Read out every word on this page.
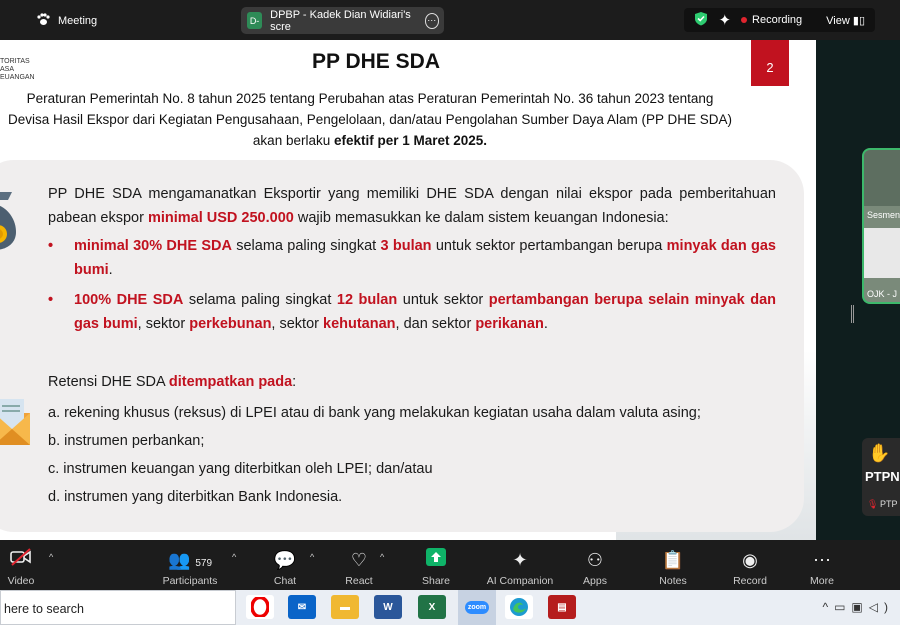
Meeting	D- DPBP - Kadek Dian Widiari's scre
···	✦	Recording View ▮▯
TORITAS ASA EUANGAN
2
PP DHE SDA
Peraturan Pemerintah No. 8 tahun 2025 tentang Perubahan atas Peraturan Pemerintah No. 36 tahun 2023 tentang
Devisa Hasil Ekspor dari Kegiatan Pengusahaan, Pengelolaan, dan/atau Pengolahan Sumber Daya Alam (PP DHE SDA)
akan berlaku efektif per 1 Maret 2025.
PP DHE SDA mengamanatkan Eksportir yang memiliki DHE SDA dengan nilai ekspor pada pemberitahuan pabean ekspor minimal USD 250.000 wajib memasukkan ke dalam sistem keuangan Indonesia:
• minimal 30% DHE SDA selama paling singkat 3 bulan untuk sektor pertambangan berupa minyak dan gas bumi.
• 100% DHE SDA selama paling singkat 12 bulan untuk sektor pertambangan berupa selain minyak dan gas bumi, sektor perkebunan, sektor kehutanan, dan sektor perikanan.
Retensi DHE SDA ditempatkan pada:
a. rekening khusus (reksus) di LPEI atau di bank yang melakukan kegiatan usaha dalam valuta asing;
b. instrumen perbankan;
c. instrumen keuangan yang diterbitkan oleh LPEI; dan/atau
d. instrumen yang diterbitkan Bank Indonesia.
Sesmen
OJK - J
✋
PTPN
🎙 PTP
Video
^	👥 579
Participants
^ 💬
Chat
^	♡
React
^
Share
✦
AI Companion
⚇
Apps
📋
Notes
◉
Record
⋯
More
here to search	✉	▬	W	X	zoom	▤	^▭▣◁)
